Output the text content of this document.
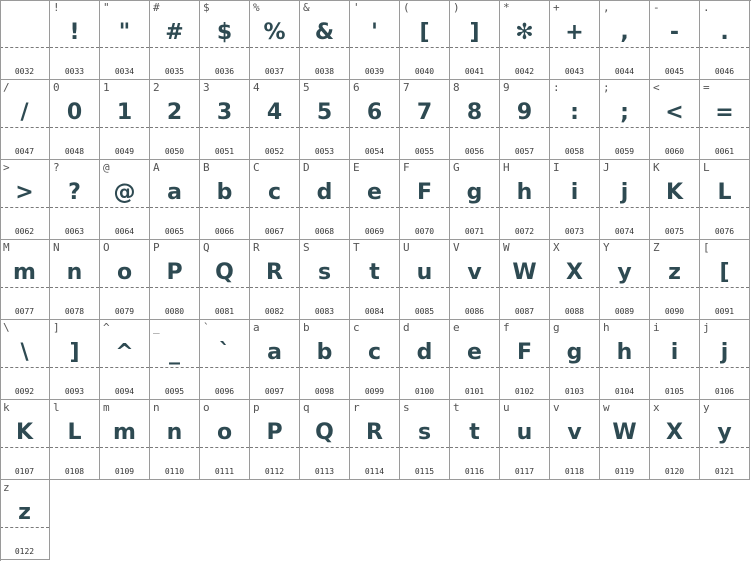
0032
!
!
0033
"
"
0034
#
#
0035
$
$
0036
%
%
0037
&
&
0038
'
'
0039
(
[
0040
)
]
0041
*
✻
0042
+
+
0043
,
,
0044
-
-
0045
.
.
0046
/
/
0047
0
0
0048
1
1
0049
2
2
0050
3
3
0051
4
4
0052
5
5
0053
6
6
0054
7
7
0055
8
8
0056
9
9
0057
:
:
0058
;
;
0059
<
<
0060
=
=
0061
>
>
0062
?
?
0063
@
@
0064
A
a
0065
B
b
0066
C
c
0067
D
d
0068
E
e
0069
F
F
0070
G
g
0071
H
h
0072
I
i
0073
J
j
0074
K
K
0075
L
L
0076
M
m
0077
N
n
0078
O
o
0079
P
P
0080
Q
Q
0081
R
R
0082
S
s
0083
T
t
0084
U
u
0085
V
v
0086
W
W
0087
X
X
0088
Y
y
0089
Z
z
0090
[
[
0091
\
\
0092
]
]
0093
^
^
0094
_
_
0095
`
`
0096
a
a
0097
b
b
0098
c
c
0099
d
d
0100
e
e
0101
f
F
0102
g
g
0103
h
h
0104
i
i
0105
j
j
0106
k
K
0107
l
L
0108
m
m
0109
n
n
0110
o
o
0111
p
P
0112
q
Q
0113
r
R
0114
s
s
0115
t
t
0116
u
u
0117
v
v
0118
w
W
0119
x
X
0120
y
y
0121
z
z
0122
